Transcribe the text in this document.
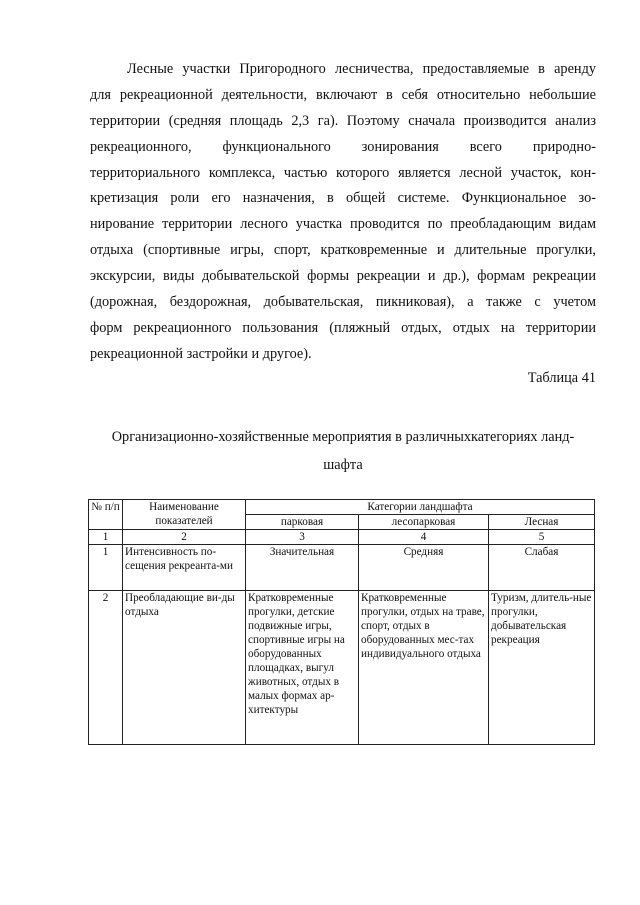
Лесные участки Пригородного лесничества, предоставляемые в аренду
для рекреационной деятельности, включают в себя относительно небольшие
территории (средняя площадь 2,3 га). Поэтому сначала производится анализ
рекреационного, функционального зонирования всего природно-
территориального комплекса, частью которого является лесной участок, кон-
кретизация роли его назначения, в общей системе. Функциональное зо-
нирование территории лесного участка проводится по преобладающим видам
отдыха (спортивные игры, спорт, кратковременные и длительные прогулки,
экскурсии, виды добывательской формы рекреации и др.), формам рекреации
(дорожная, бездорожная, добывательская, пикниковая), а также с учетом
форм рекреационного пользования (пляжный отдых, отдых на территории
рекреационной застройки и другое).

Таблица 41

Организационно-хозяйственные мероприятия в различныхкатегориях ланд-
шафта

№ п/п	Наименование показателей	Категории ландшафта		
		парковая	лесопарковая	Лесная
1	2	3	4	5
1	Интенсивность по-сещения рекреанта-ми	Значительная	Средняя	Слабая
2	Преобладающие ви-ды отдыха	Кратковременные прогулки, детские подвижные игры, спортивные игры на оборудованных площадках, выгул животных, отдых в малых формах ар-хитектуры	Кратковременные прогулки, отдых на траве, спорт, отдых в оборудованных мес-тах индивидуального отдыха	Туризм, длитель-ные прогулки, добывательская рекреация
